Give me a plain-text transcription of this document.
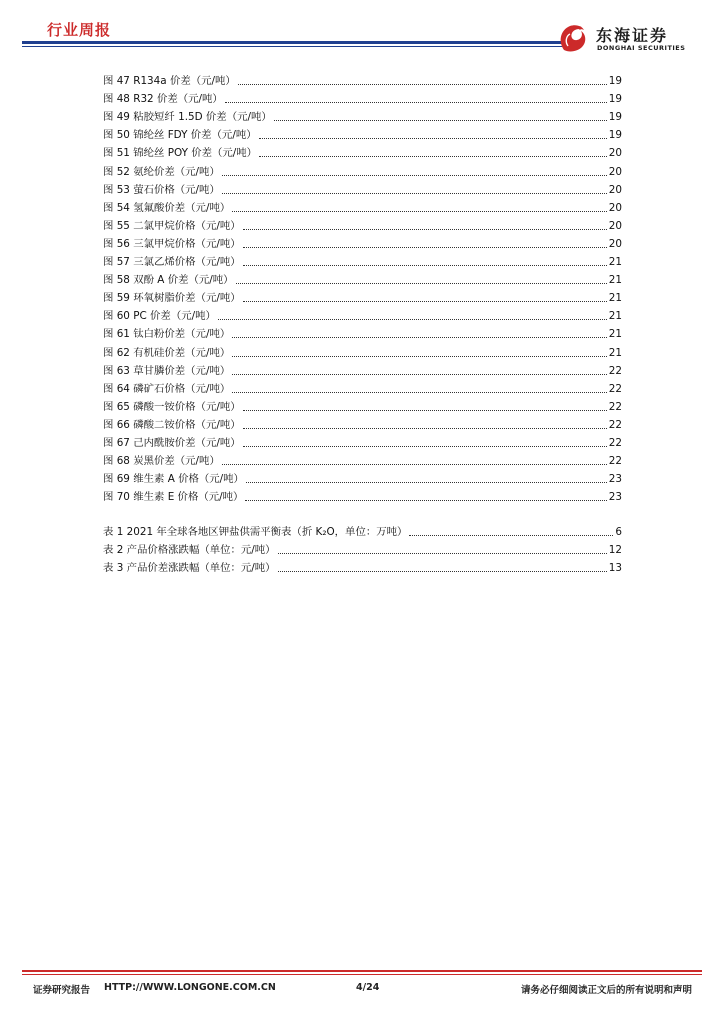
行业周报	东海证券
DONGHAI SECURITIES
图 47 R134a 价差（元/吨）	19
图 48 R32 价差（元/吨）	19
图 49 粘胶短纤 1.5D 价差（元/吨）	19
图 50 锦纶丝 FDY 价差（元/吨）	19
图 51 锦纶丝 POY 价差（元/吨）	20
图 52 氨纶价差（元/吨）	20
图 53 萤石价格（元/吨）	20
图 54 氢氟酸价差（元/吨）	20
图 55 二氯甲烷价格（元/吨）	20
图 56 三氯甲烷价格（元/吨）	20
图 57 三氯乙烯价格（元/吨）	21
图 58 双酚 A 价差（元/吨）	21
图 59 环氧树脂价差（元/吨）	21
图 60 PC 价差（元/吨）	21
图 61 钛白粉价差（元/吨）	21
图 62 有机硅价差（元/吨）	21
图 63 草甘膦价差（元/吨）	22
图 64 磷矿石价格（元/吨）	22
图 65 磷酸一铵价格（元/吨）	22
图 66 磷酸二铵价格（元/吨）	22
图 67 己内酰胺价差（元/吨）	22
图 68 炭黑价差（元/吨）	22
图 69 维生素 A 价格（元/吨）	23
图 70 维生素 E 价格（元/吨）	23
表 1 2021 年全球各地区钾盐供需平衡表（折 K₂O，单位：万吨）	6
表 2 产品价格涨跌幅（单位：元/吨）	12
表 3 产品价差涨跌幅（单位：元/吨）	13
证券研究报告 HTTP://WWW.LONGONE.COM.CN	4/24	请务必仔细阅读正文后的所有说明和声明
